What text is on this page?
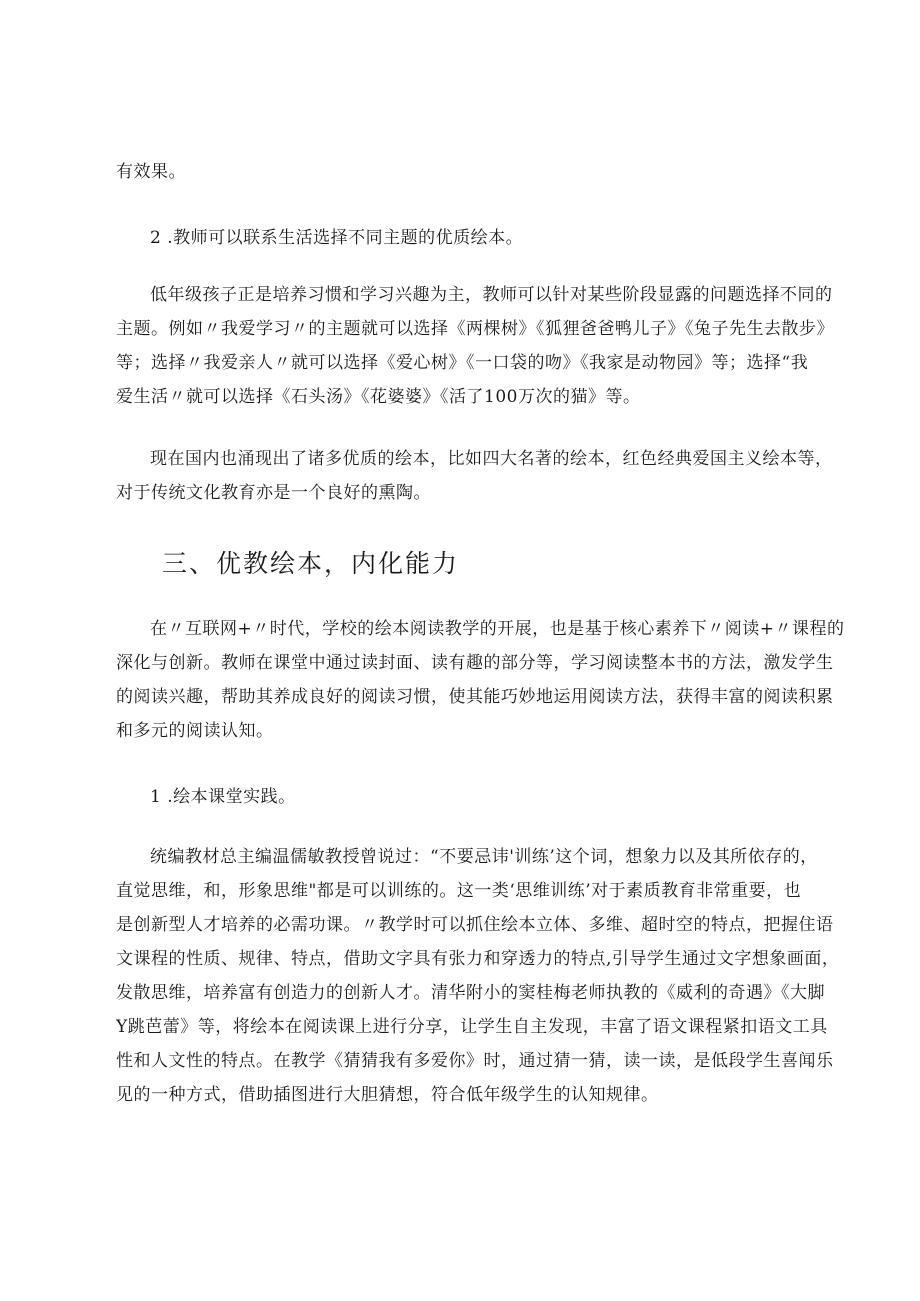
有效果。
2 .教师可以联系生活选择不同主题的优质绘本。
低年级孩子正是培养习惯和学习兴趣为主，教师可以针对某些阶段显露的问题选择不同的
主题。例如〃我爱学习〃的主题就可以选择《两棵树》《狐狸爸爸鸭儿子》《兔子先生去散步》
等；选择〃我爱亲人〃就可以选择《爱心树》《一口袋的吻》《我家是动物园》等；选择“我
爱生活〃就可以选择《石头汤》《花婆婆》《活了100万次的猫》等。
现在国内也涌现出了诸多优质的绘本，比如四大名著的绘本，红色经典爱国主义绘本等，
对于传统文化教育亦是一个良好的熏陶。
三、优教绘本，内化能力
在〃互联网+〃时代，学校的绘本阅读教学的开展，也是基于核心素养下〃阅读+〃课程的
深化与创新。教师在课堂中通过读封面、读有趣的部分等，学习阅读整本书的方法，激发学生
的阅读兴趣，帮助其养成良好的阅读习惯，使其能巧妙地运用阅读方法，获得丰富的阅读积累
和多元的阅读认知。
1 .绘本课堂实践。
统编教材总主编温儒敏教授曾说过：“不要忌讳'训练’这个词，想象力以及其所依存的，
直觉思维，和，形象思维"都是可以训练的。这一类‘思维训练’对于素质教育非常重要，也
是创新型人才培养的必需功课。〃教学时可以抓住绘本立体、多维、超时空的特点，把握住语
文课程的性质、规律、特点，借助文字具有张力和穿透力的特点,引导学生通过文字想象画面，
发散思维，培养富有创造力的创新人才。清华附小的窦桂梅老师执教的《威利的奇遇》《大脚
Y跳芭蕾》等，将绘本在阅读课上进行分享，让学生自主发现，丰富了语文课程紧扣语文工具
性和人文性的特点。在教学《猜猜我有多爱你》时，通过猜一猜，读一读，是低段学生喜闻乐
见的一种方式，借助插图进行大胆猜想，符合低年级学生的认知规律。
